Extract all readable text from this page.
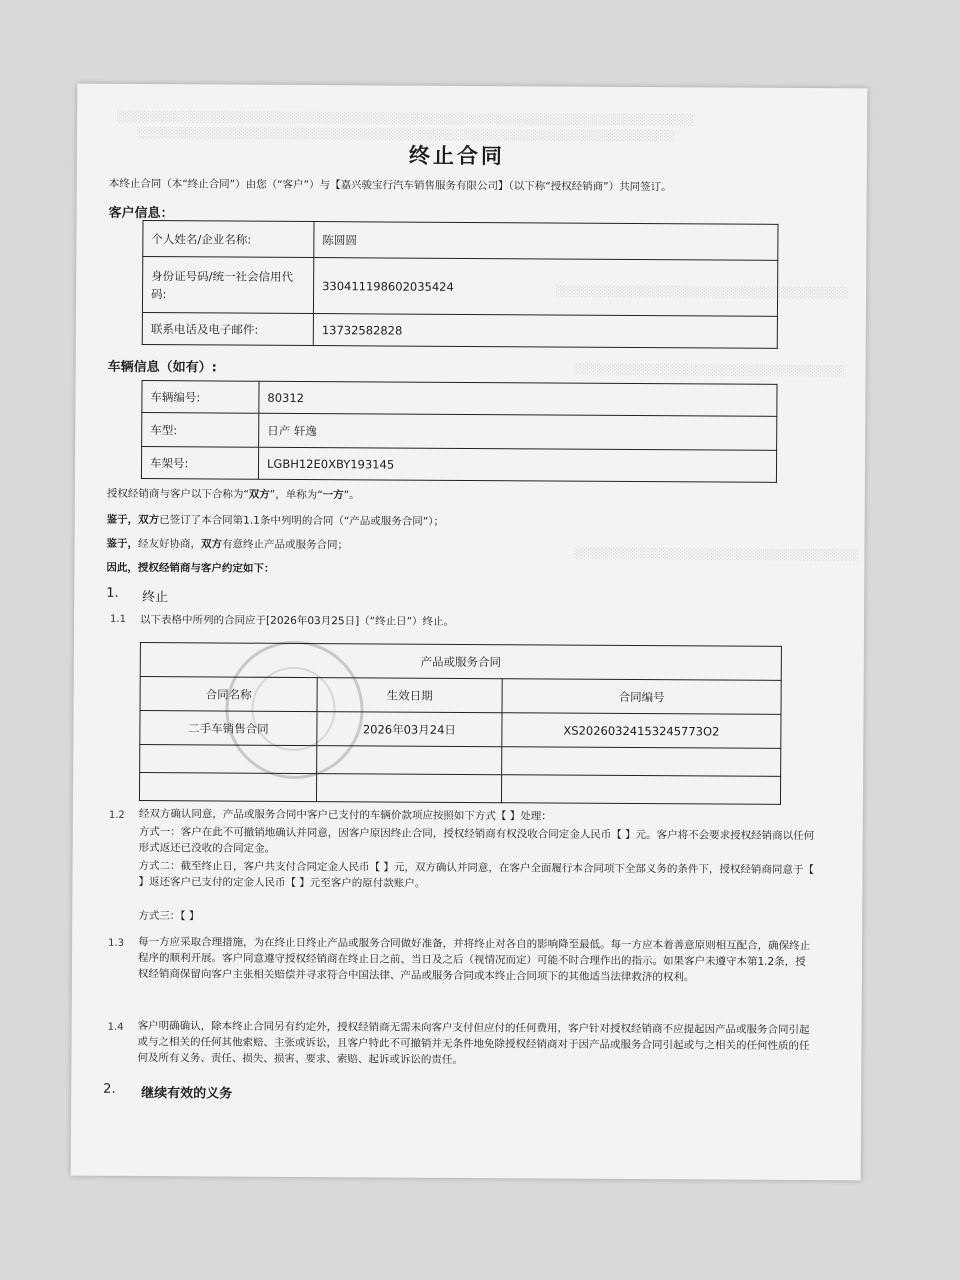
░░░░░░░░░░░░░░░░░░░░░░░░░░░░░░░░░░░░░░░░░░░░░░░░░░░░░░░░░░░░░░░░░░░░░░░░░░░
░░░░░░░░░░░░░░░░░░░░░░░░░░░░░░░░░░░░░░░░░░░░░░░░░░░░░░░░░░░░░░░░░░░░░░
░░░░░░░░░░░░░░░░░░░░░░░░░░░░░░░░░░░░░░
░░░░░░░░░░░░░░░░░░░░░░░░░░░░░░░░░░░
░░░░░░░░░░░░░░░░░░░░░░░░░░░░░░░░░░░░░
终止合同
本终止合同（本“终止合同”）由您（“客户”）与【嘉兴骏宝行汽车销售服务有限公司】（以下称“授权经销商”）共同签订。
客户信息：
个人姓名/企业名称:	陈圆圆
身份证号码/统一社会信用代码:	330411198602035424
联系电话及电子邮件:	13732582828
车辆信息（如有）:
车辆编号:	80312
车型:	日产 轩逸
车架号:	LGBH12E0XBY193145
授权经销商与客户以下合称为“双方”，单称为“一方”。
鉴于，双方已签订了本合同第1.1条中列明的合同（“产品或服务合同”）；
鉴于，经友好协商，双方有意终止产品或服务合同；
因此，授权经销商与客户约定如下：
1. 终止
1.1 以下表格中所列的合同应于[2026年03月25日]（“终止日”）终止。
产品或服务合同		
合同名称	生效日期	合同编号
二手车销售合同	2026年03月24日	XS20260324153245773O2

1.2 经双方确认同意，产品或服务合同中客户已支付的车辆价款项应按照如下方式【 】处理：
方式一：客户在此不可撤销地确认并同意，因客户原因终止合同，授权经销商有权没收合同定金人民币【 】元。客户将不会要求授权经销商以任何形式返还已没收的合同定金。
方式二：截至终止日，客户共支付合同定金人民币【 】元，双方确认并同意，在客户全面履行本合同项下全部义务的条件下，授权经销商同意于【 】返还客户已支付的定金人民币【 】元至客户的原付款账户。
方式三：【 】
1.3 每一方应采取合理措施，为在终止日终止产品或服务合同做好准备，并将终止对各自的影响降至最低。每一方应本着善意原则相互配合，确保终止程序的顺利开展。客户同意遵守授权经销商在终止日之前、当日及之后（视情况而定）可能不时合理作出的指示。如果客户未遵守本第1.2条，授权经销商保留向客户主张相关赔偿并寻求符合中国法律、产品或服务合同或本终止合同项下的其他适当法律救济的权利。
1.4 客户明确确认，除本终止合同另有约定外，授权经销商无需未向客户支付但应付的任何费用，客户针对授权经销商不应提起因产品或服务合同引起或与之相关的任何其他索赔、主张或诉讼，且客户特此不可撤销并无条件地免除授权经销商对于因产品或服务合同引起或与之相关的任何性质的任何及所有义务、责任、损失、损害、要求、索赔、起诉或诉讼的责任。
2. 继续有效的义务
